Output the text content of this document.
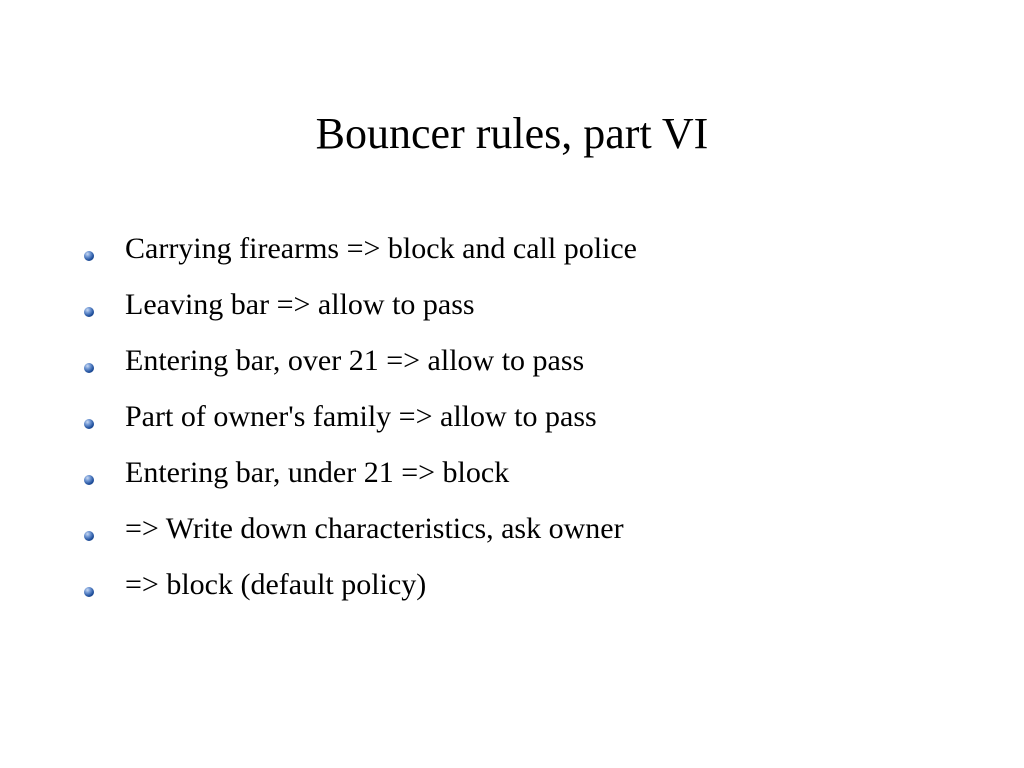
Bouncer rules, part VI
Carrying firearms => block and call police
Leaving bar => allow to pass
Entering bar, over 21 => allow to pass
Part of owner's family => allow to pass
Entering bar, under 21 => block
=> Write down characteristics, ask owner
=> block (default policy)
